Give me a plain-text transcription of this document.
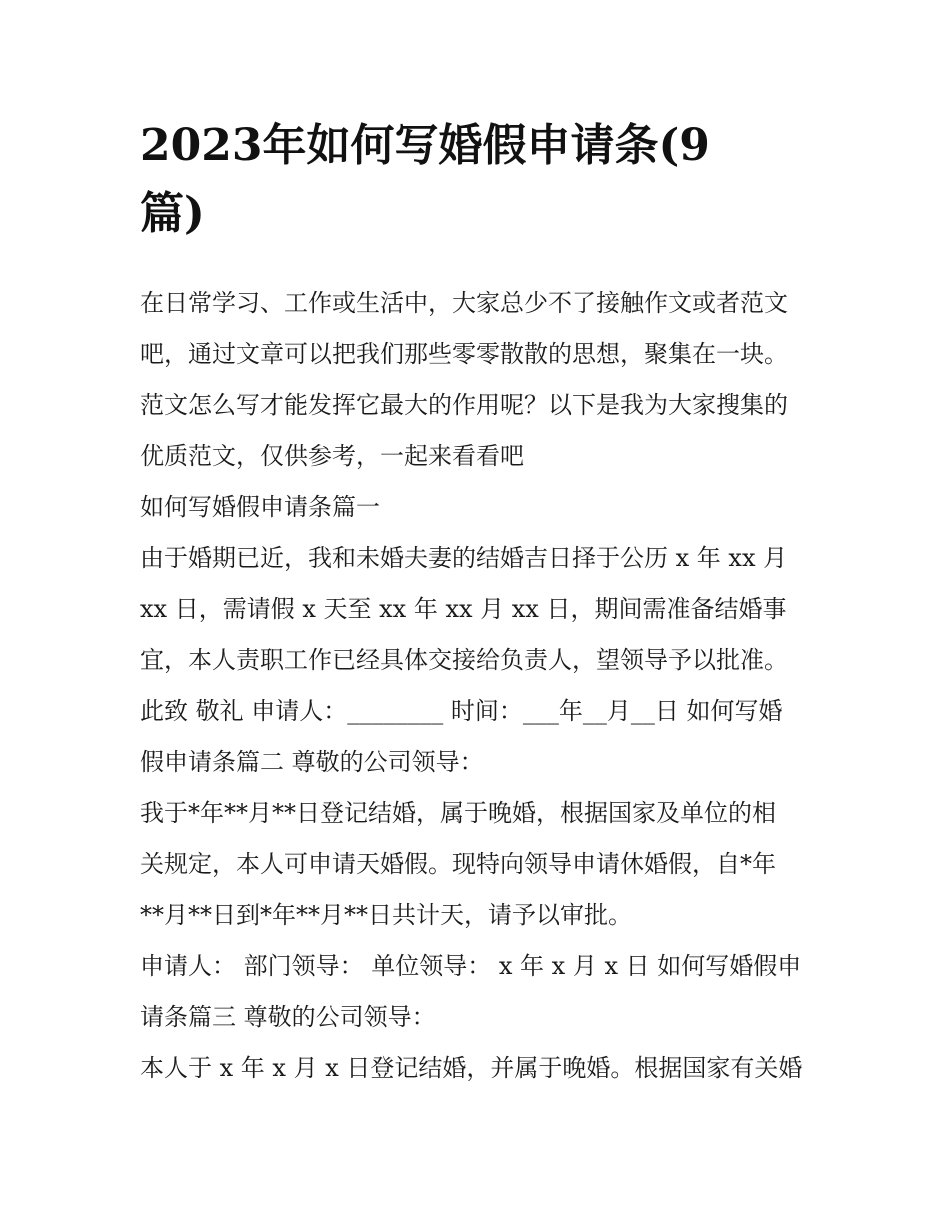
2023年如何写婚假申请条(9
篇)

在日常学习、工作或生活中，大家总少不了接触作文或者范文
吧，通过文章可以把我们那些零零散散的思想，聚集在一块。
范文怎么写才能发挥它最大的作用呢？以下是我为大家搜集的
优质范文，仅供参考，一起来看看吧

如何写婚假申请条篇一

由于婚期已近，我和未婚夫妻的结婚吉日择于公历 x 年 xx 月
xx 日，需请假 x 天至 xx 年 xx 月 xx 日，期间需准备结婚事
宜，本人责职工作已经具体交接给负责人，望领导予以批准。
此致 敬礼 申请人：________ 时间：___年__月__日 如何写婚
假申请条篇二 尊敬的公司领导：

我于*年**月**日登记结婚，属于晚婚，根据国家及单位的相
关规定，本人可申请天婚假。现特向领导申请休婚假，自*年
**月**日到*年**月**日共计天，请予以审批。

申请人： 部门领导： 单位领导： x 年 x 月 x 日 如何写婚假申
请条篇三 尊敬的公司领导：

本人于 x 年 x 月 x 日登记结婚，并属于晚婚。根据国家有关婚
